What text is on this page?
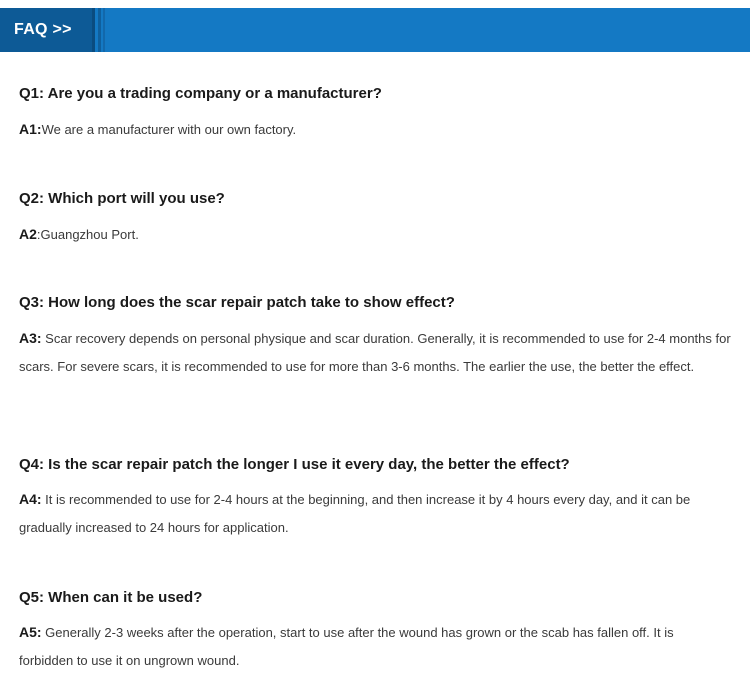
FAQ >>
Q1: Are you a trading company or a manufacturer?
A1:We are a manufacturer with our own factory.
Q2: Which port will you use?
A2:Guangzhou Port.
Q3: How long does the scar repair patch take to show effect?
A3: Scar recovery depends on personal physique and scar duration. Generally, it is recommended to use for 2-4 months for scars. For severe scars, it is recommended to use for more than 3-6 months. The earlier the use, the better the effect.
Q4: Is the scar repair patch the longer I use it every day, the better the effect?
A4: It is recommended to use for 2-4 hours at the beginning, and then increase it by 4 hours every day, and it can be gradually increased to 24 hours for application.
Q5: When can it be used?
A5: Generally 2-3 weeks after the operation, start to use after the wound has grown or the scab has fallen off. It is forbidden to use it on ungrown wound.
